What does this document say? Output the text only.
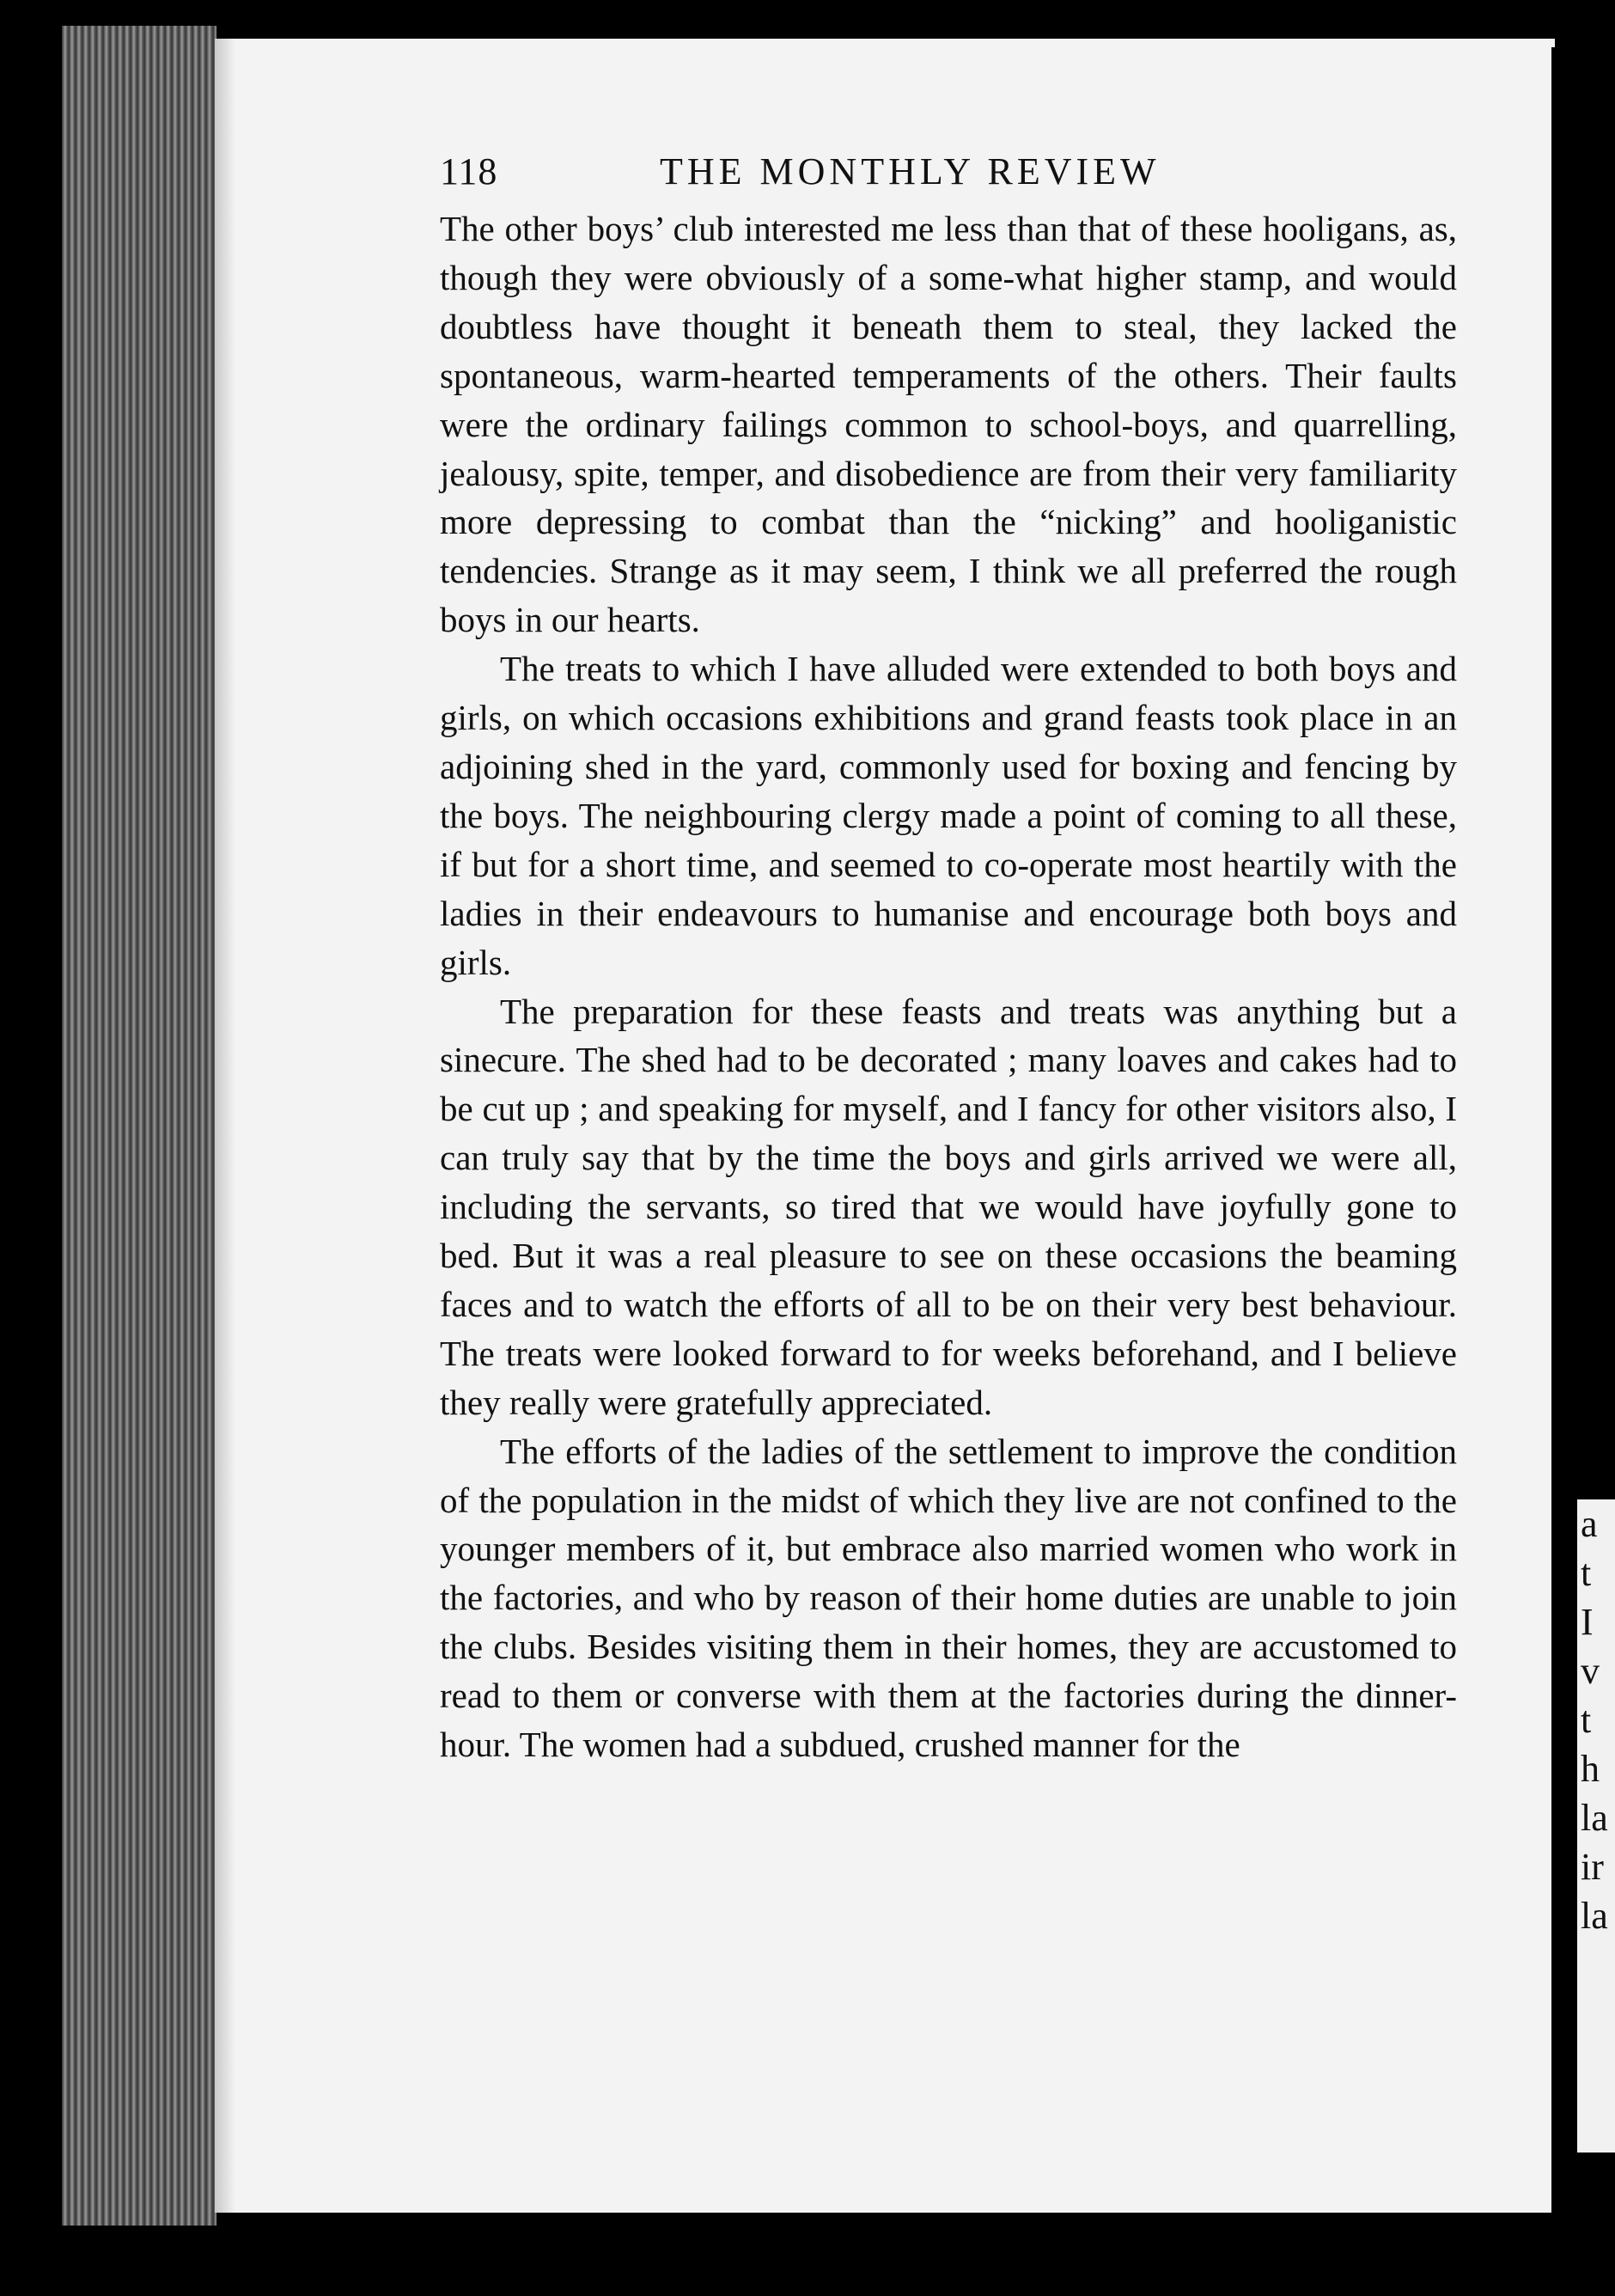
a
t
I
v
t
h
la
ir
la
118	THE MONTHLY REVIEW

The other boys’ club interested me less than that of these hooligans, as, though they were obviously of a some-what higher stamp, and would doubtless have thought it beneath them to steal, they lacked the spontaneous, warm-hearted temperaments of the others. Their faults were the ordinary failings common to school-boys, and quarrelling, jealousy, spite, temper, and disobedience are from their very familiarity more depressing to combat than the “nicking” and hooliganistic tendencies. Strange as it may seem, I think we all preferred the rough boys in our hearts.

The treats to which I have alluded were extended to both boys and girls, on which occasions exhibitions and grand feasts took place in an adjoining shed in the yard, commonly used for boxing and fencing by the boys. The neighbouring clergy made a point of coming to all these, if but for a short time, and seemed to co-operate most heartily with the ladies in their endeavours to humanise and encourage both boys and girls.

The preparation for these feasts and treats was anything but a sinecure. The shed had to be decorated ; many loaves and cakes had to be cut up ; and speaking for myself, and I fancy for other visitors also, I can truly say that by the time the boys and girls arrived we were all, including the servants, so tired that we would have joyfully gone to bed. But it was a real pleasure to see on these occasions the beaming faces and to watch the efforts of all to be on their very best behaviour. The treats were looked forward to for weeks beforehand, and I believe they really were gratefully appreciated.

The efforts of the ladies of the settlement to improve the condition of the population in the midst of which they live are not confined to the younger members of it, but embrace also married women who work in the factories, and who by reason of their home duties are unable to join the clubs. Besides visiting them in their homes, they are accustomed to read to them or converse with them at the factories during the dinner-hour. The women had a subdued, crushed manner for the
